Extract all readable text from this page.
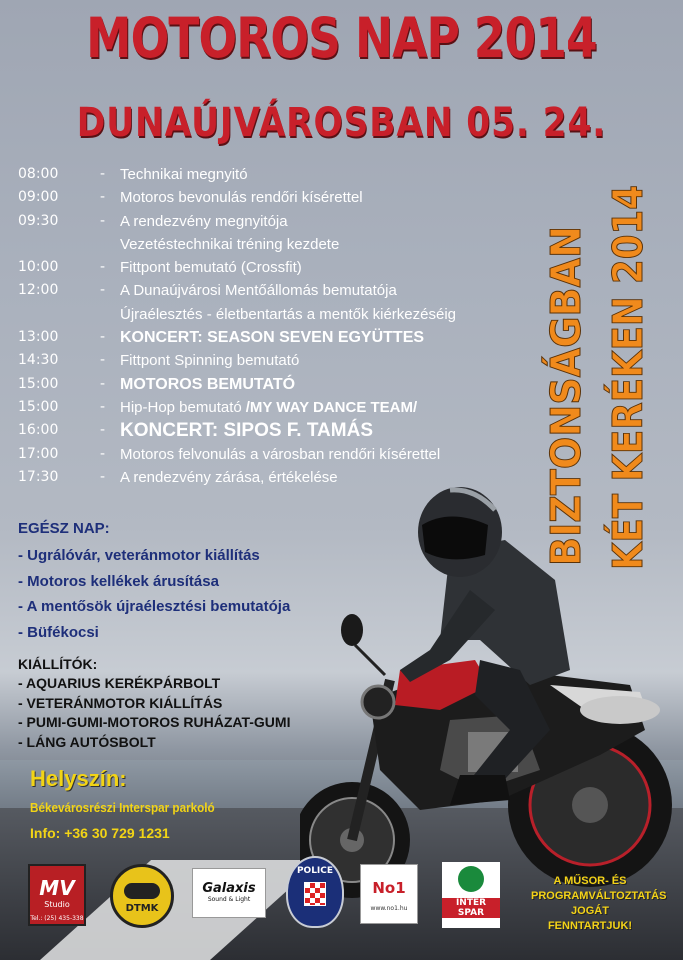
MOTOROS NAP 2014
DUNAÚJVÁROSBAN 05. 24.
08:00	- Technikai megnyitó
09:00	- Motoros bevonulás rendőri kísérettel
09:30	- A rendezvény megnyitója
Vezetéstechnikai tréning kezdete
10:00	- Fittpont bemutató (Crossfit)
12:00	- A Dunaújvárosi Mentőállomás bemutatója
Újraélesztés - életbentartás a mentők kiérkezéséig
13:00	- KONCERT: SEASON SEVEN EGYÜTTES
14:30	- Fittpont Spinning bemutató
15:00	- MOTOROS BEMUTATÓ
15:00	- Hip-Hop bemutató /MY WAY DANCE TEAM/
16:00	- KONCERT: SIPOS F. TAMÁS
17:00	- Motoros felvonulás a városban rendőri kísérettel
17:30	- A rendezvény zárása, értékelése	BIZTONSÁGBAN KÉT KERÉKEN 2014
EGÉSZ NAP:
- Ugrálóvár, veteránmotor kiállítás
- Motoros kellékek árusítása
- A mentősök újraélesztési bemutatója
- Büfékocsi
KIÁLLÍTÓK:
- AQUARIUS KERÉKPÁRBOLT
- VETERÁNMOTOR KIÁLLÍTÁS
- PUMI-GUMI-MOTOROS RUHÁZAT-GUMI
- LÁNG AUTÓSBOLT
Helyszín:
Békevárosrészi Interspar parkoló
Info: +36 30 729 1231
A MŰSOR- ÉS
PROGRAMVÁLTOZTATÁS
JOGÁT FENNTARTJUK!
MV
Studio
Tel.: (25) 435-338
DTMK
Galaxis
Sound & Light
POLICE
No1
www.no1.hu
INTER
SPAR
